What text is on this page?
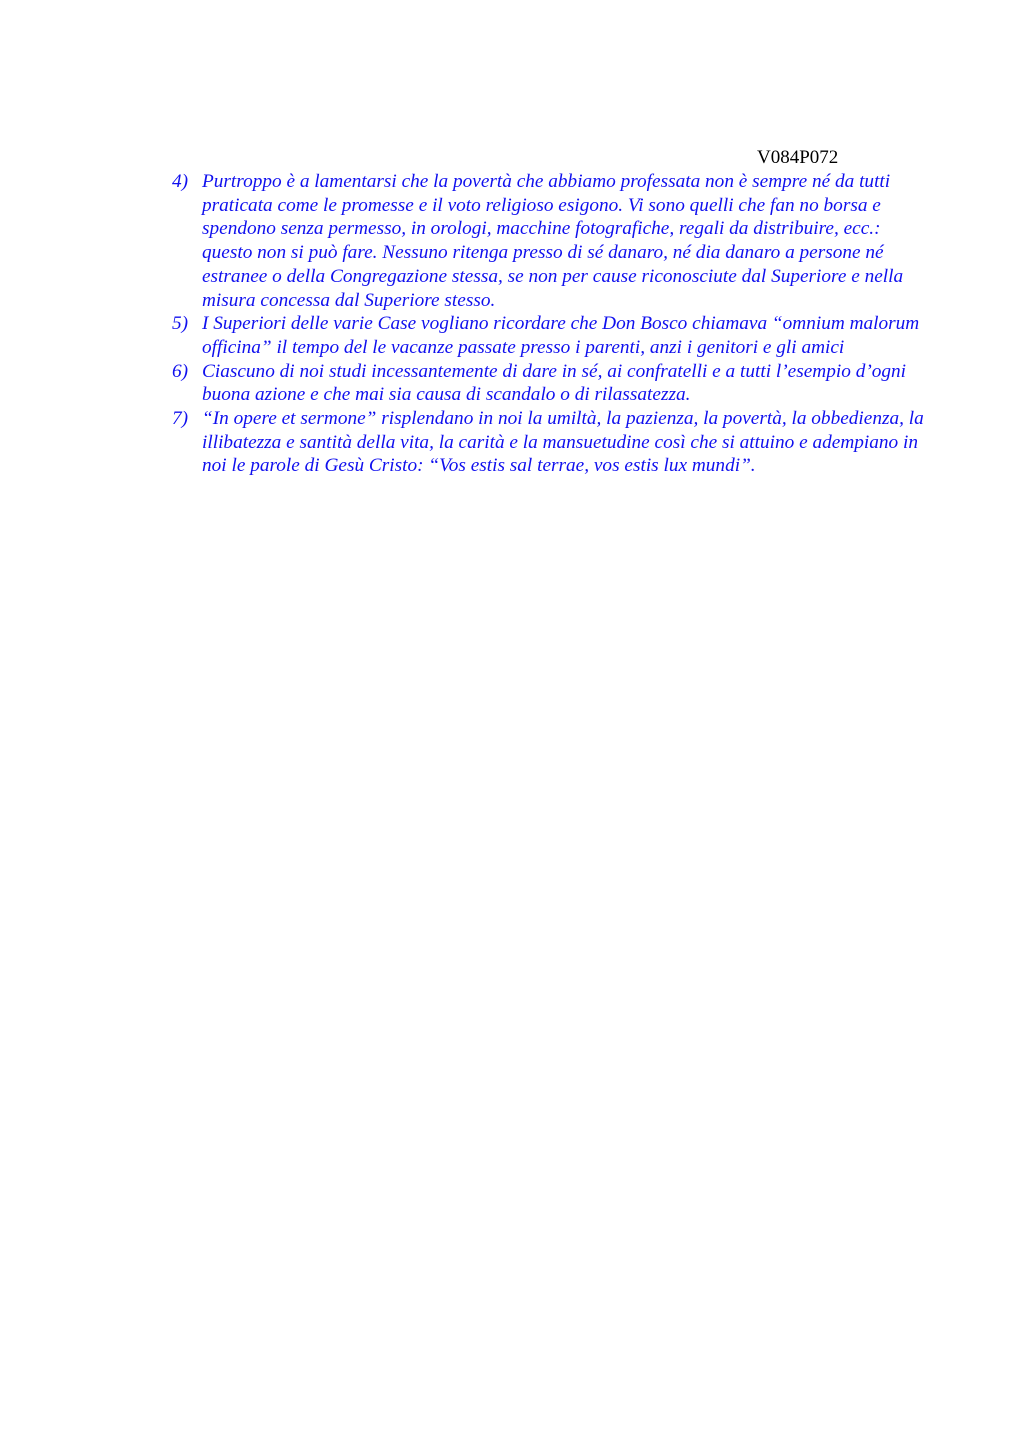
V084P072
4) Purtroppo è a lamentarsi che la povertà che abbiamo professata non è sempre né da tutti praticata come le promesse e il voto religioso esigono. Vi sono quelli che fan no borsa e spendono senza permesso, in orologi, macchine fotografiche, regali da distribuire, ecc.: questo non si può fare. Nessuno ritenga presso di sé danaro, né dia danaro a persone né estranee o della Congregazione stessa, se non per cause riconosciute dal Superiore e nella misura concessa dal Superiore stesso.
5) I Superiori delle varie Case vogliano ricordare che Don Bosco chiamava “omnium malorum officina” il tempo del le vacanze passate presso i parenti, anzi i genitori e gli amici
6) Ciascuno di noi studi incessantemente di dare in sé, ai confratelli e a tutti l’esempio d’ogni buona azione e che mai sia causa di scandalo o di rilassatezza.
7) “In opere et sermone” risplendano in noi la umiltà, la pazienza, la povertà, la obbedienza, la illibatezza e santità della vita, la carità e la mansuetudine così che si attuino e adempiano in noi le parole di Gesù Cristo: “Vos estis sal terrae, vos estis lux mundi”.
